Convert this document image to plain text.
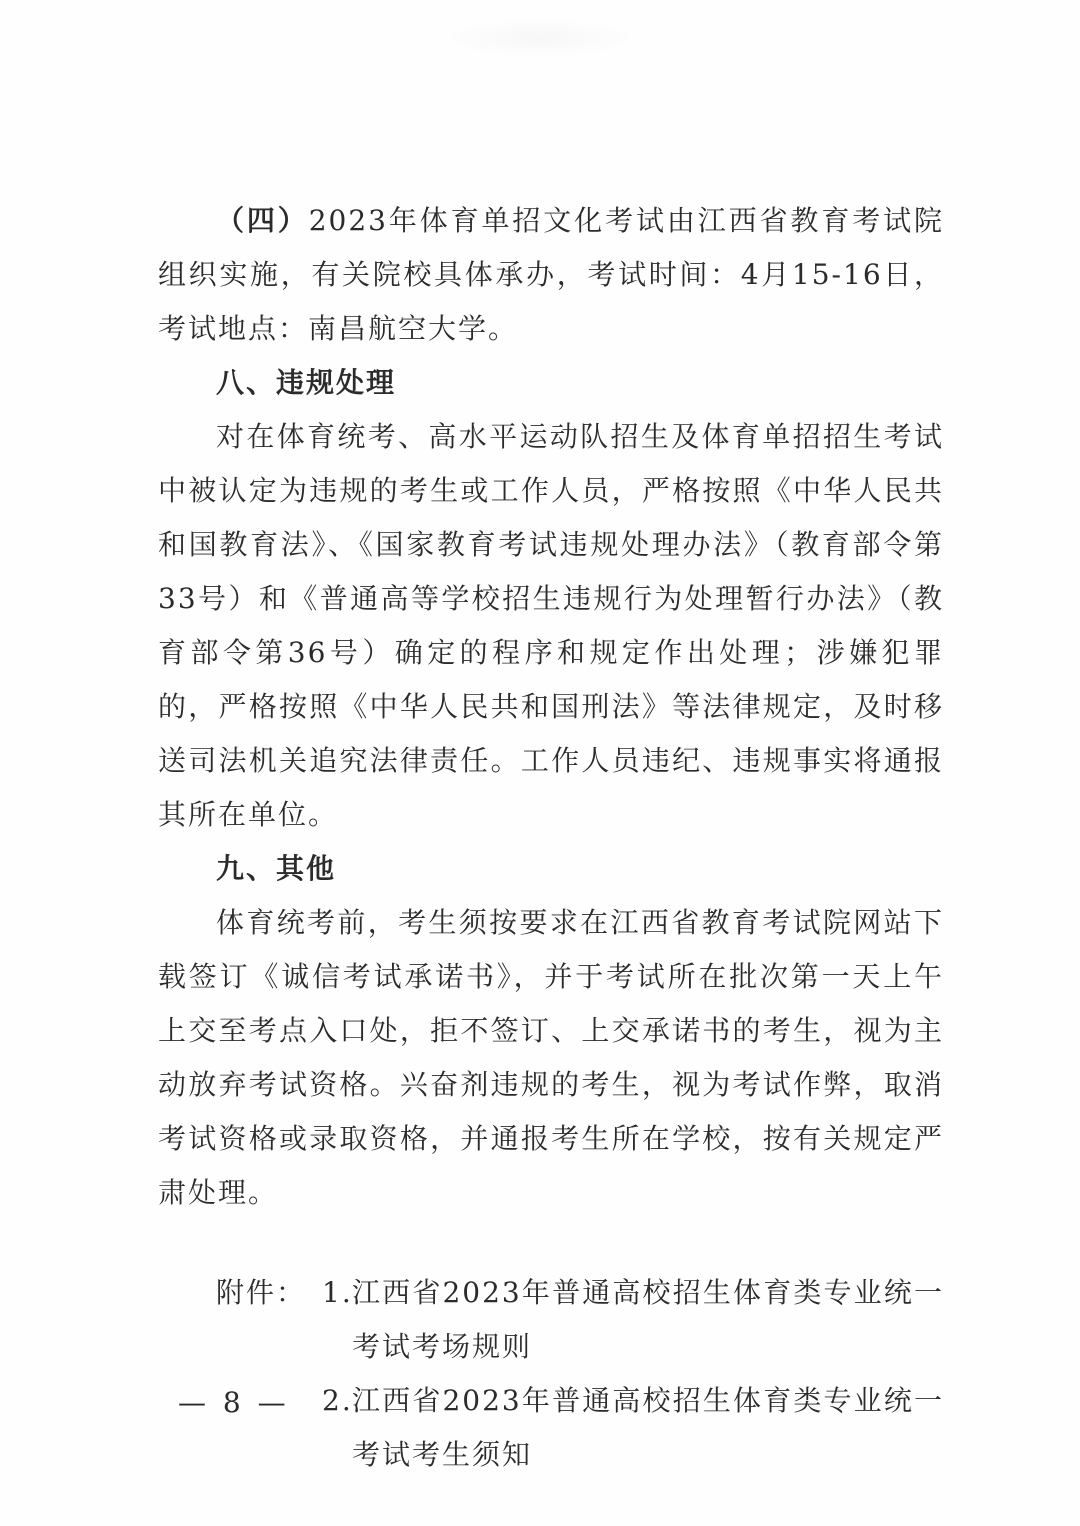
（四）2023年体育单招文化考试由江西省教育考试院组织实施，有关院校具体承办，考试时间：4月15-16日，考试地点：南昌航空大学。

八、违规处理

对在体育统考、高水平运动队招生及体育单招招生考试中被认定为违规的考生或工作人员，严格按照《中华人民共和国教育法》、《国家教育考试违规处理办法》（教育部令第33号）和《普通高等学校招生违规行为处理暂行办法》（教育部令第36号）确定的程序和规定作出处理；涉嫌犯罪的，严格按照《中华人民共和国刑法》等法律规定，及时移送司法机关追究法律责任。工作人员违纪、违规事实将通报其所在单位。

九、其他

体育统考前，考生须按要求在江西省教育考试院网站下载签订《诚信考试承诺书》，并于考试所在批次第一天上午上交至考点入口处，拒不签订、上交承诺书的考生，视为主动放弃考试资格。兴奋剂违规的考生，视为考试作弊，取消考试资格或录取资格，并通报考生所在学校，按有关规定严肃处理。

附件： 1. 江西省2023年普通高校招生体育类专业统一考试考场规则
2. 江西省2023年普通高校招生体育类专业统一考试考生须知
— 8 —
